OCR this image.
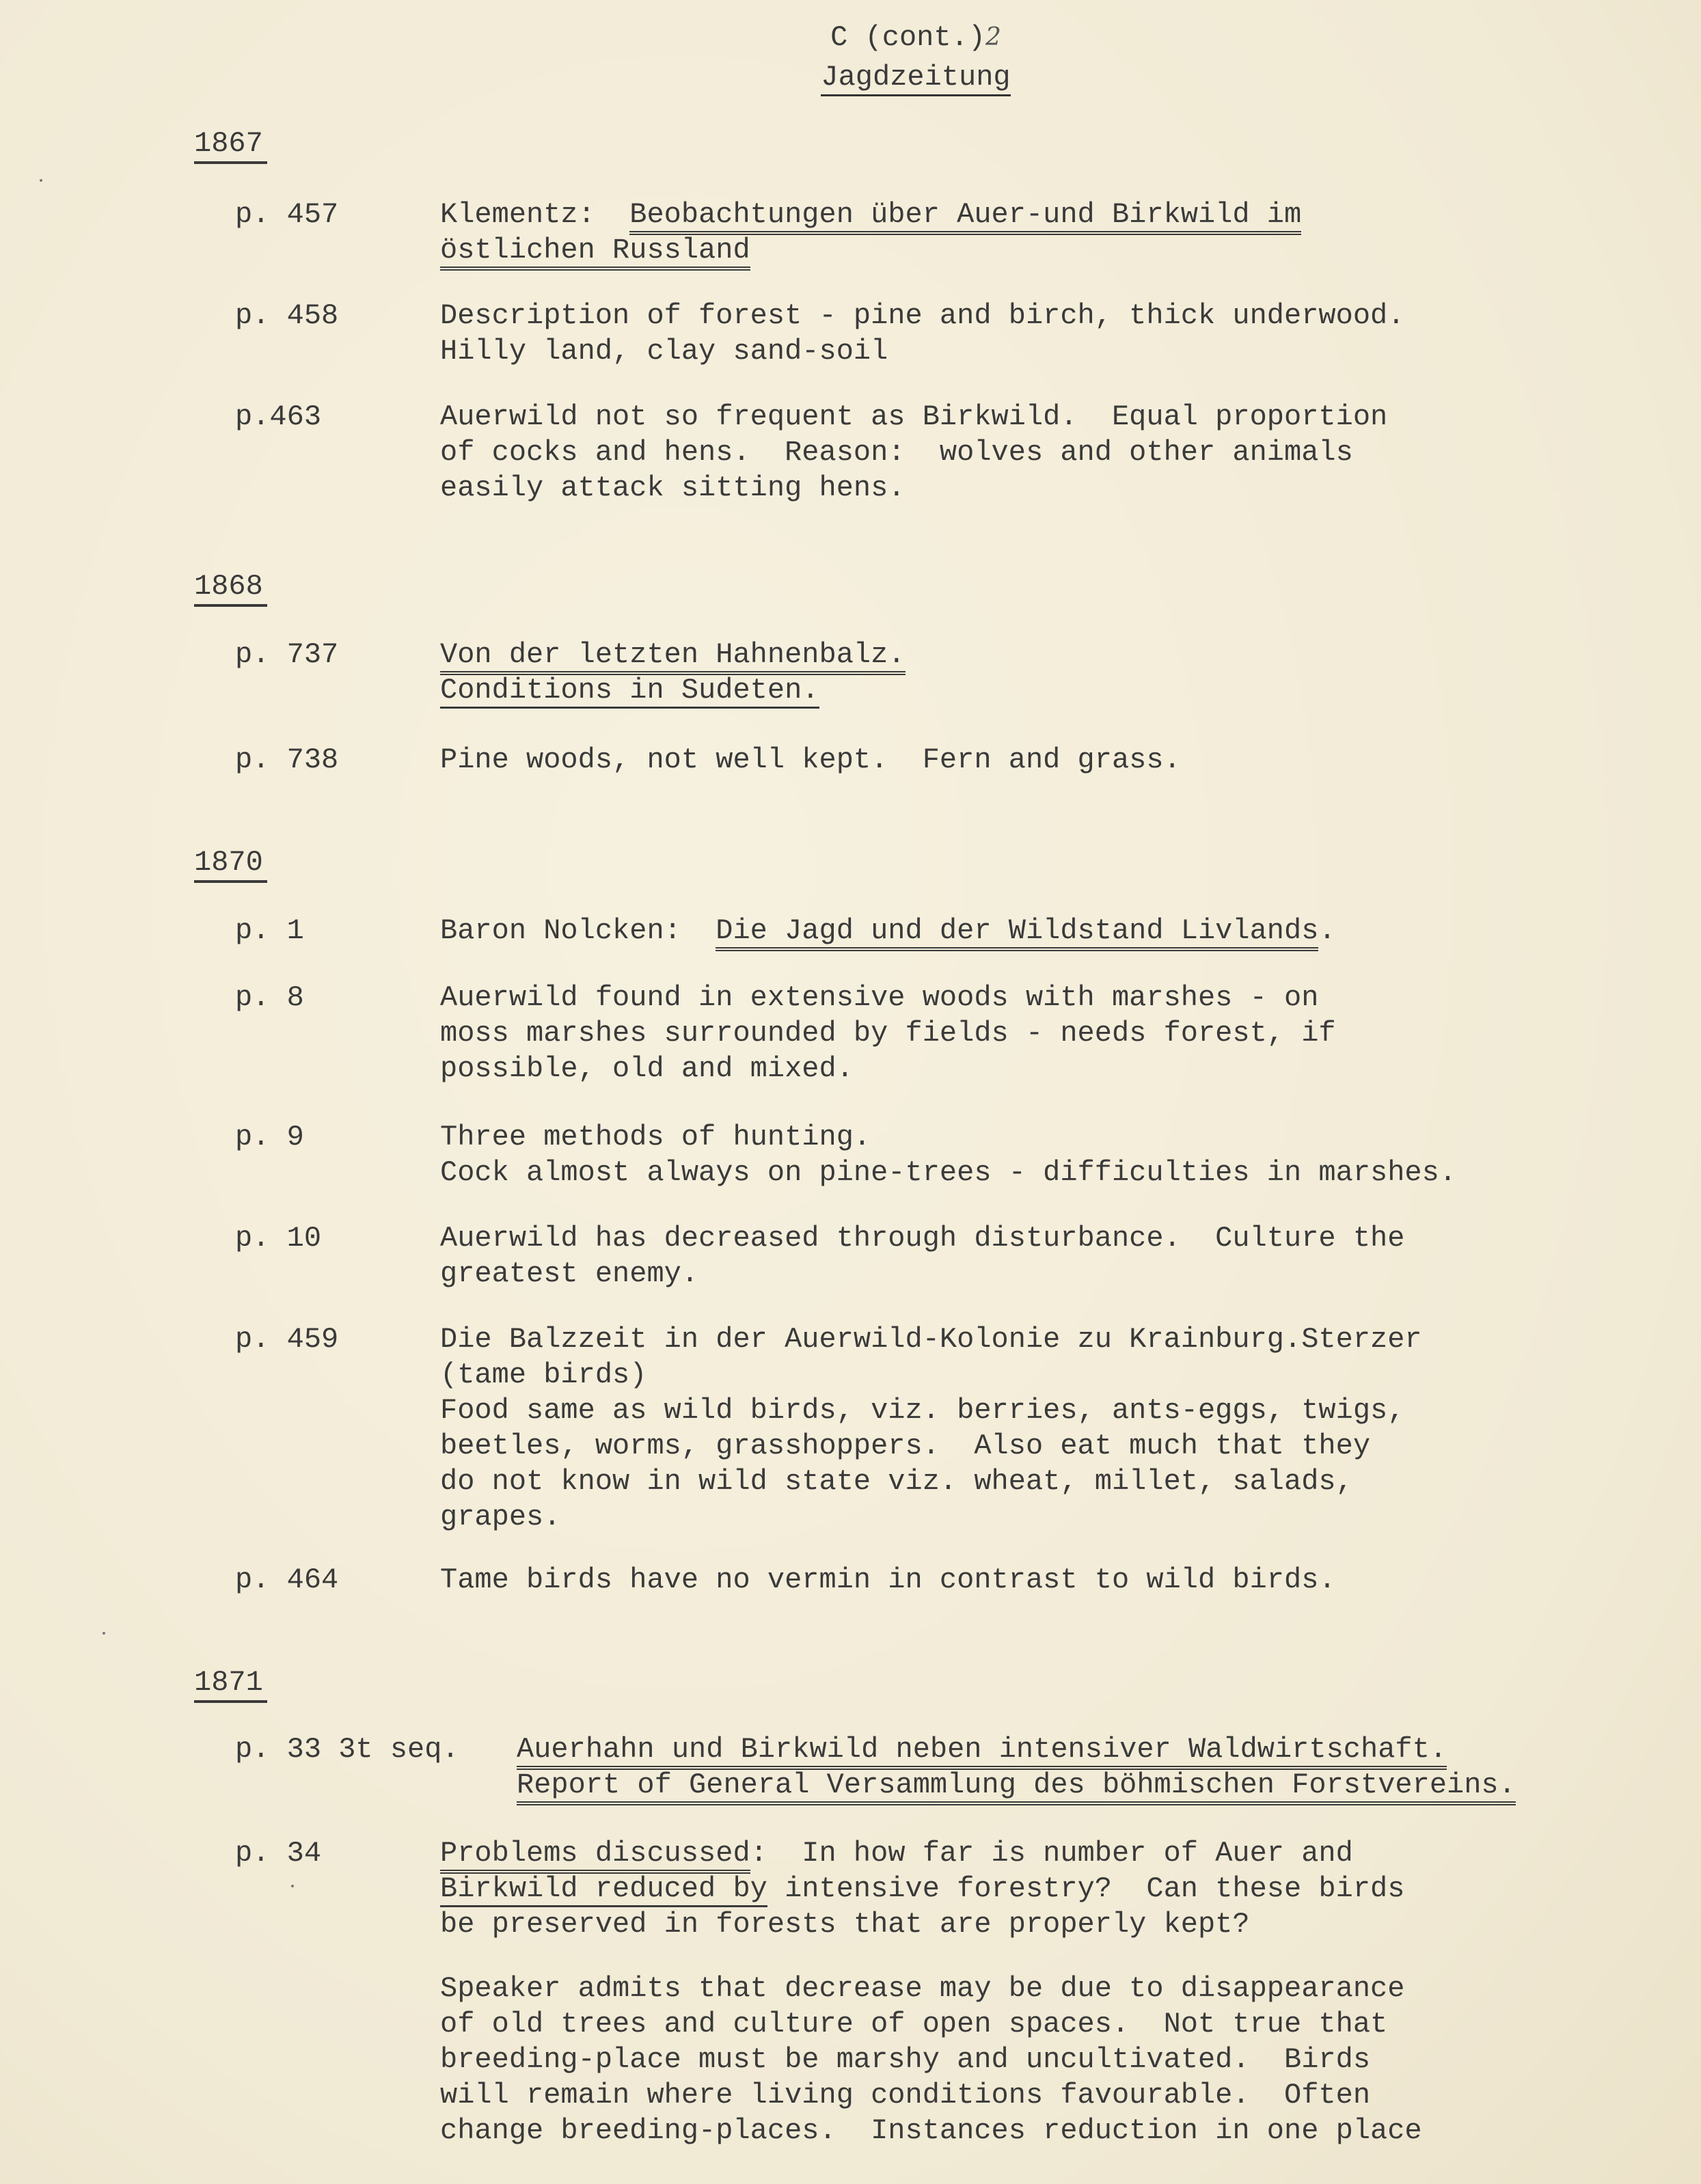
C (cont.)2
Jagdzeitung
1867
p. 457	Klementz:  Beobachtungen über Auer-und Birkwild im
östlichen Russland
p. 458	Description of forest - pine and birch, thick underwood.
Hilly land, clay sand-soil
p.463	Auerwild not so frequent as Birkwild.  Equal proportion
of cocks and hens.  Reason:  wolves and other animals
easily attack sitting hens.
1868
p. 737	Von der letzten Hahnenbalz.
Conditions in Sudeten.
p. 738	Pine woods, not well kept.  Fern and grass.
1870
p. 1	Baron Nolcken:  Die Jagd und der Wildstand Livlands.
p. 8	Auerwild found in extensive woods with marshes - on
moss marshes surrounded by fields - needs forest, if
possible, old and mixed.
p. 9	Three methods of hunting.
Cock almost always on pine-trees - difficulties in marshes.
p. 10	Auerwild has decreased through disturbance.  Culture the
greatest enemy.
p. 459	Die Balzzeit in der Auerwild-Kolonie zu Krainburg.Sterzer
(tame birds)
Food same as wild birds, viz. berries, ants-eggs, twigs,
beetles, worms, grasshoppers.  Also eat much that they
do not know in wild state viz. wheat, millet, salads,
grapes.
p. 464	Tame birds have no vermin in contrast to wild birds.
1871
p. 33 3t seq. Auerhahn und Birkwild neben intensiver Waldwirtschaft.
Report of General Versammlung des böhmischen Forstvereins.
p. 34	Problems discussed:  In how far is number of Auer and
Birkwild reduced by intensive forestry?  Can these birds
be preserved in forests that are properly kept?
Speaker admits that decrease may be due to disappearance
of old trees and culture of open spaces.  Not true that
breeding-place must be marshy and uncultivated.  Birds
will remain where living conditions favourable.  Often
change breeding-places.  Instances reduction in one place
